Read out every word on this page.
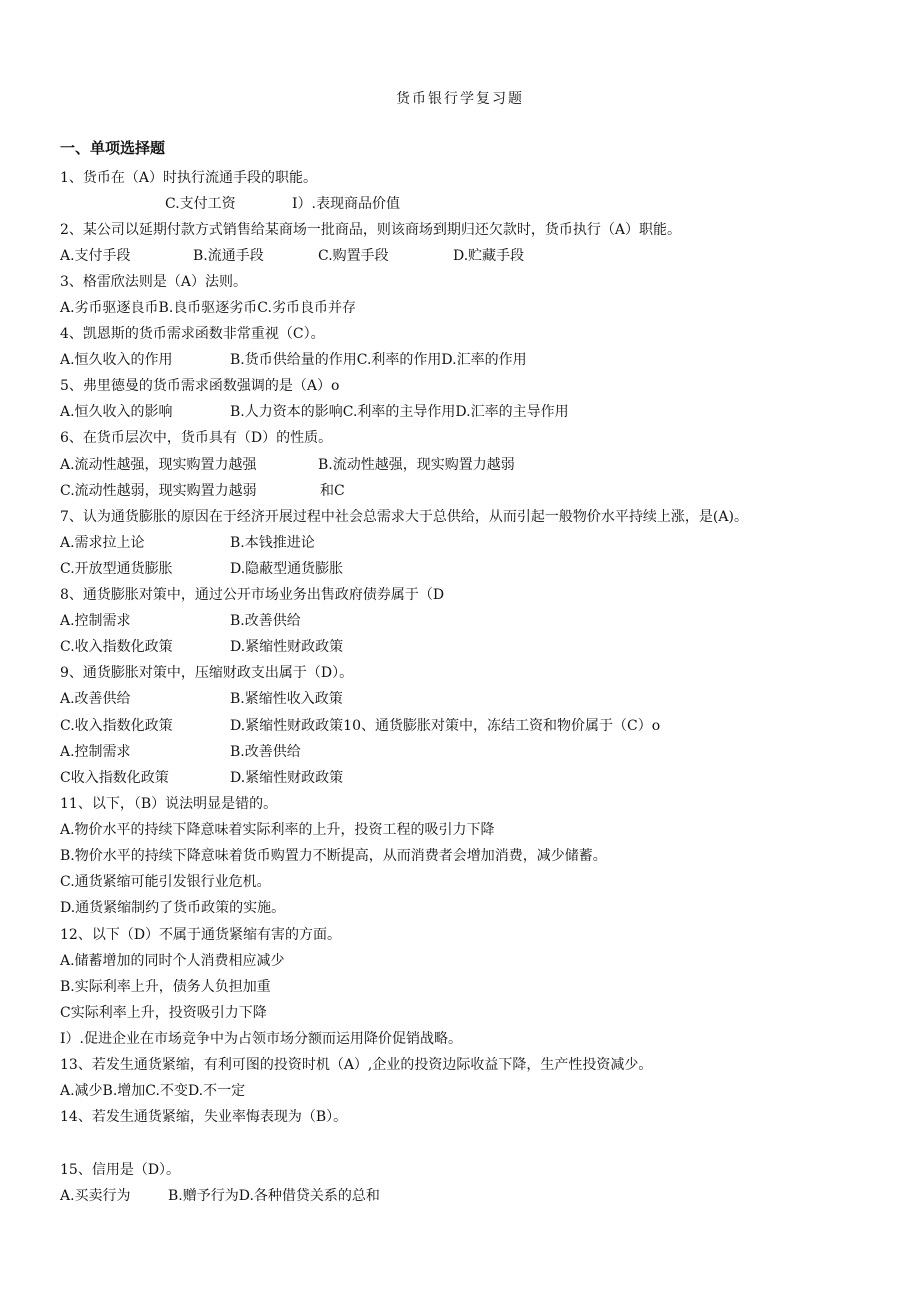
货币银行学复习题
一、单项选择题
1、货币在（A）时执行流通手段的职能。
C.支付工资	I）.表现商品价值
2、某公司以延期付款方式销售给某商场一批商品，则该商场到期归还欠款时，货币执行（A）职能。
A.支付手段	B.流通手段	C.购置手段	D.贮藏手段
3、格雷欣法则是（A）法则。
A.劣币驱逐良币B.良币驱逐劣币C.劣币良币并存
4、凯恩斯的货币需求函数非常重视（C）。
A.恒久收入的作用	B.货币供给量的作用C.利率的作用D.汇率的作用
5、弗里德曼的货币需求函数强调的是（A）o
A.恒久收入的影响	B.人力资本的影响C.利率的主导作用D.汇率的主导作用
6、在货币层次中，货币具有（D）的性质。
A.流动性越强，现实购置力越强	B.流动性越强，现实购置力越弱
C.流动性越弱，现实购置力越弱	和C
7、认为通货膨胀的原因在于经济开展过程中社会总需求大于总供给，从而引起一般物价水平持续上涨，是(A)。
A.需求拉上论	B.本钱推进论
C.开放型通货膨胀	D.隐蔽型通货膨胀
8、通货膨胀对策中，通过公开市场业务出售政府债券属于（D
A.控制需求	B.改善供给
C.收入指数化政策	D.紧缩性财政政策
9、通货膨胀对策中，压缩财政支出属于（D）。
A.改善供给	B.紧缩性收入政策
C.收入指数化政策	D.紧缩性财政政策10、通货膨胀对策中，冻结工资和物价属于（C）o
A.控制需求	B.改善供给
C收入指数化政策	D.紧缩性财政政策
11、以下，（B）说法明显是错的。
A.物价水平的持续下降意味着实际利率的上升，投资工程的吸引力下降
B.物价水平的持续下降意味着货币购置力不断提高，从而消费者会增加消费，减少储蓄。
C.通货紧缩可能引发银行业危机。
D.通货紧缩制约了货币政策的实施。
12、以下（D）不属于通货紧缩有害的方面。
A.储蓄增加的同时个人消费相应减少
B.实际利率上升，债务人负担加重
C实际利率上升，投资吸引力下降
I）.促进企业在市场竞争中为占领市场分额而运用降价促销战略。
13、若发生通货紧缩，有利可图的投资时机（A）,企业的投资边际收益下降，生产性投资减少。
A.减少B.增加C.不变D.不一定
14、若发生通货紧缩，失业率悔表现为（B）。
15、信用是（D）。
A.买卖行为	B.赠予行为D.各种借贷关系的总和
